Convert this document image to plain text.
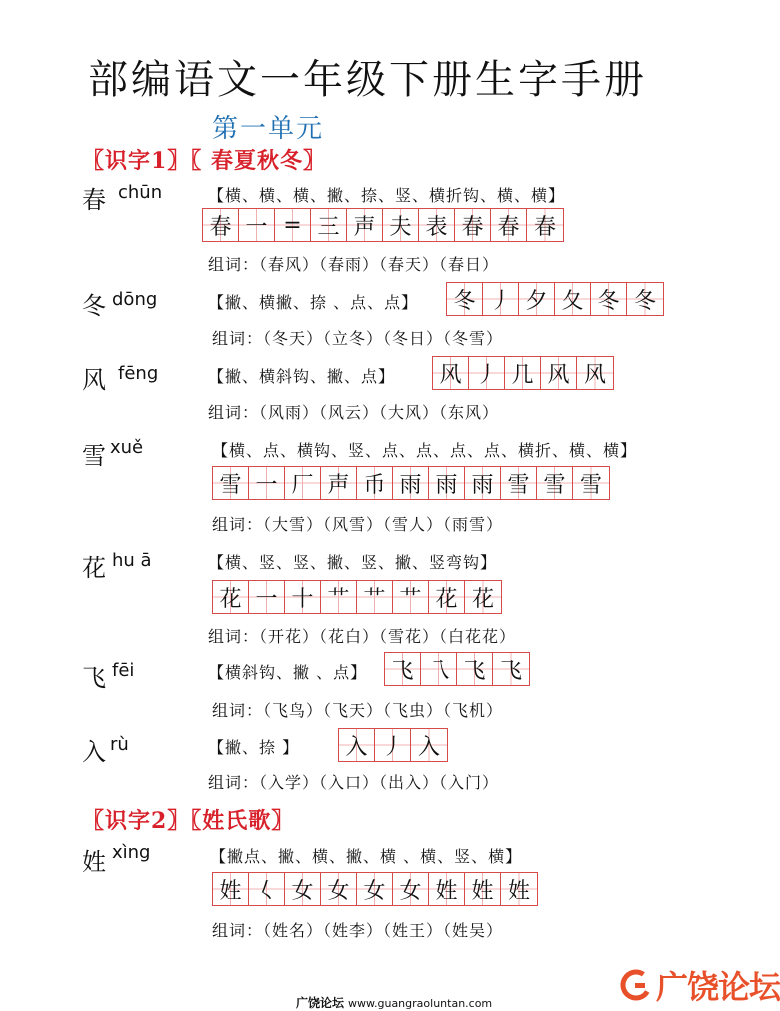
部编语文一年级下册生字手册
第一单元
〖识字1〗〖 春夏秋冬〗
春 chūn	【横、横、横、撇、捺、竖、横折钩、横、横】
春 一 = 三 声 夫 表 春 春 春
组词：（春风）（春雨）（春天）（春日）
冬 dōng	【撇、横撇、捺 、点、点】 冬 丿 夕 夂 冬 冬
组词：（冬天）（立冬）（冬日）（冬雪）
风 fēng	【撇、横斜钩、撇、点】 风 丿 几 风 风
组词：（风雨）（风云）（大风）（东风）
雪 xuě	【横、点、横钩、竖、点、点、点、点、横折、横、横】
雪 一 厂 声 币 雨 雨 雨 雪 雪 雪
组词：（大雪）（风雪）（雪人）（雨雪）
花 hu ā	【横、竖、竖、撇、竖、撇、竖弯钩】
花 一 十 艹 艹 艹 花 花
组词：（开花）（花白）（雪花）（白花花）
飞 fēi	【横斜钩、撇 、点】 飞 乁 飞 飞
组词：（飞鸟）（飞天）（飞虫）（飞机）
入 rù	【撇、捺 】 入 丿 入
组词：（入学）（入口）（出入）（入门）
〖识字2〗〖姓氏歌〗
姓 xìng	【撇点、撇、横、撇、横 、横、竖、横】
姓 𡿨 女 女 女 女 姓 姓 姓
组词：（姓名）（姓李）（姓王）（姓吴）
广饶论坛 www.guangraoluntan.com	广饶论坛
